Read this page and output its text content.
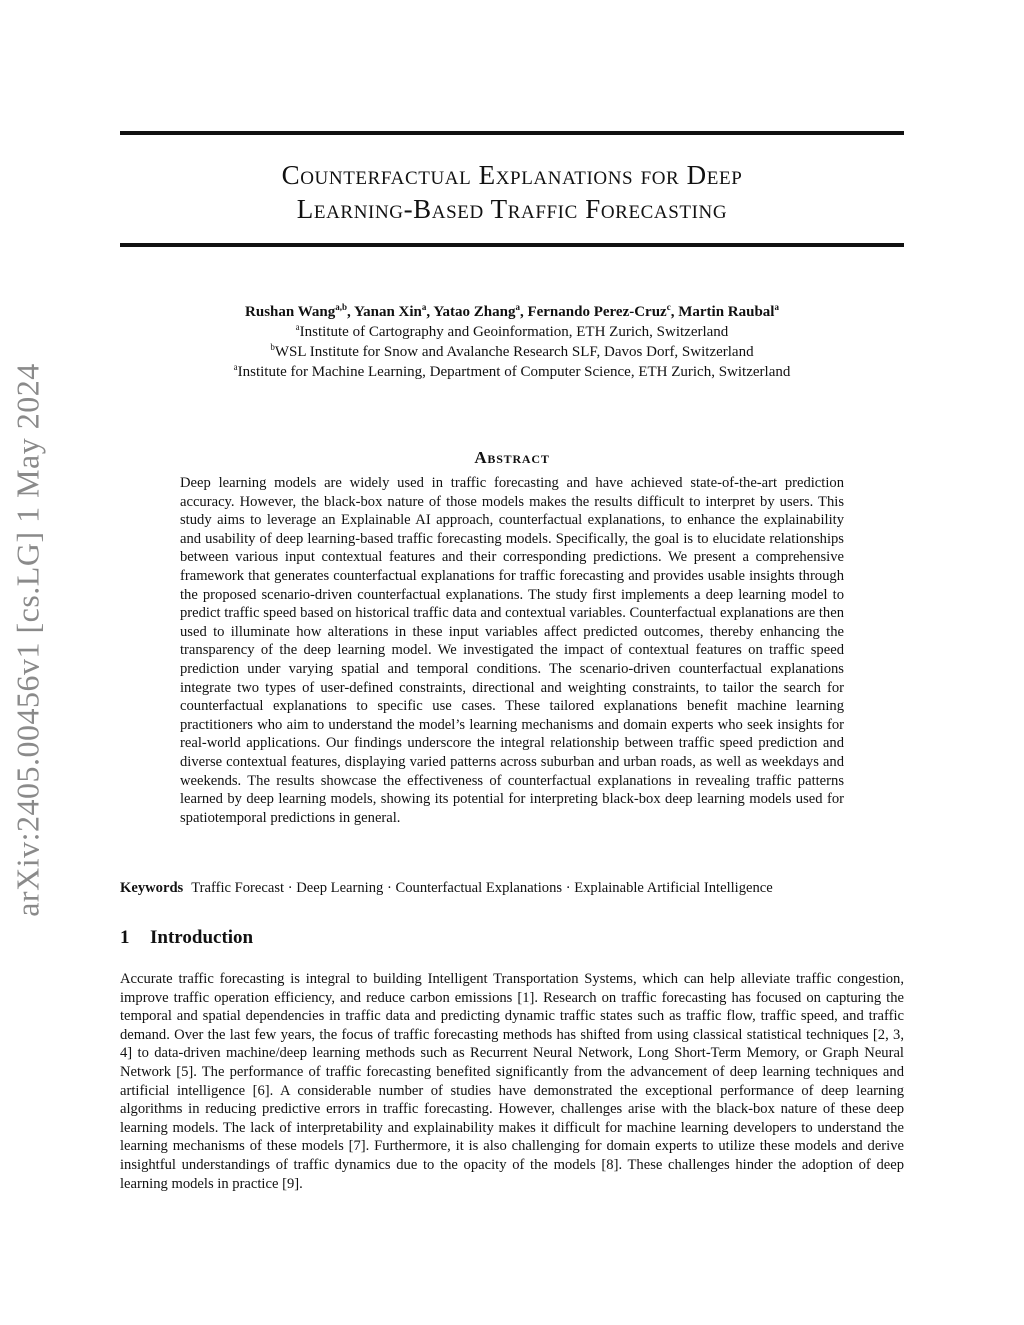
arXiv:2405.00456v1 [cs.LG] 1 May 2024
Counterfactual Explanations for Deep
Learning-Based Traffic Forecasting
Rushan Wang$^{a,b}$, Yanan Xin$^a$, Yatao Zhang$^a$, Fernando Perez-Cruz$^c$, Martin Raubal$^a$
$^a$Institute of Cartography and Geoinformation, ETH Zurich, Switzerland
$^b$WSL Institute for Snow and Avalanche Research SLF, Davos Dorf, Switzerland
$^a$Institute for Machine Learning, Department of Computer Science, ETH Zurich, Switzerland
Abstract

Deep learning models are widely used in traffic forecasting and have achieved state-of-the-art prediction accuracy. However, the black-box nature of those models makes the results difficult to interpret by users. This study aims to leverage an Explainable AI approach, counterfactual explanations, to enhance the explainability and usability of deep learning-based traffic forecasting models. Specifically, the goal is to elucidate relationships between various input contextual features and their corresponding predictions. We present a comprehensive framework that generates counterfactual explanations for traffic forecasting and provides usable insights through the proposed scenario-driven counterfactual explanations. The study first implements a deep learning model to predict traffic speed based on historical traffic data and contextual variables. Counterfactual explanations are then used to illuminate how alterations in these input variables affect predicted outcomes, thereby enhancing the transparency of the deep learning model. We investigated the impact of contextual features on traffic speed prediction under varying spatial and temporal conditions. The scenario-driven counterfactual explanations integrate two types of user-defined constraints, directional and weighting constraints, to tailor the search for counterfactual explanations to specific use cases. These tailored explanations benefit machine learning practitioners who aim to understand the model’s learning mechanisms and domain experts who seek insights for real-world applications. Our findings underscore the integral relationship between traffic speed prediction and diverse contextual features, displaying varied patterns across suburban and urban roads, as well as weekdays and weekends. The results showcase the effectiveness of counterfactual explanations in revealing traffic patterns learned by deep learning models, showing its potential for interpreting black-box deep learning models used for spatiotemporal predictions in general.

Keywords Traffic Forecast · Deep Learning · Counterfactual Explanations · Explainable Artificial Intelligence
1 Introduction

Accurate traffic forecasting is integral to building Intelligent Transportation Systems, which can help alleviate traffic congestion, improve traffic operation efficiency, and reduce carbon emissions [1]. Research on traffic forecasting has focused on capturing the temporal and spatial dependencies in traffic data and predicting dynamic traffic states such as traffic flow, traffic speed, and traffic demand. Over the last few years, the focus of traffic forecasting methods has shifted from using classical statistical techniques [2, 3, 4] to data-driven machine/deep learning methods such as Recurrent Neural Network, Long Short-Term Memory, or Graph Neural Network [5]. The performance of traffic forecasting benefited significantly from the advancement of deep learning techniques and artificial intelligence [6]. A considerable number of studies have demonstrated the exceptional performance of deep learning algorithms in reducing predictive errors in traffic forecasting. However, challenges arise with the black-box nature of these deep learning models. The lack of interpretability and explainability makes it difficult for machine learning developers to understand the learning mechanisms of these models [7]. Furthermore, it is also challenging for domain experts to utilize these models and derive insightful understandings of traffic dynamics due to the opacity of the models [8]. These challenges hinder the adoption of deep learning models in practice [9].
